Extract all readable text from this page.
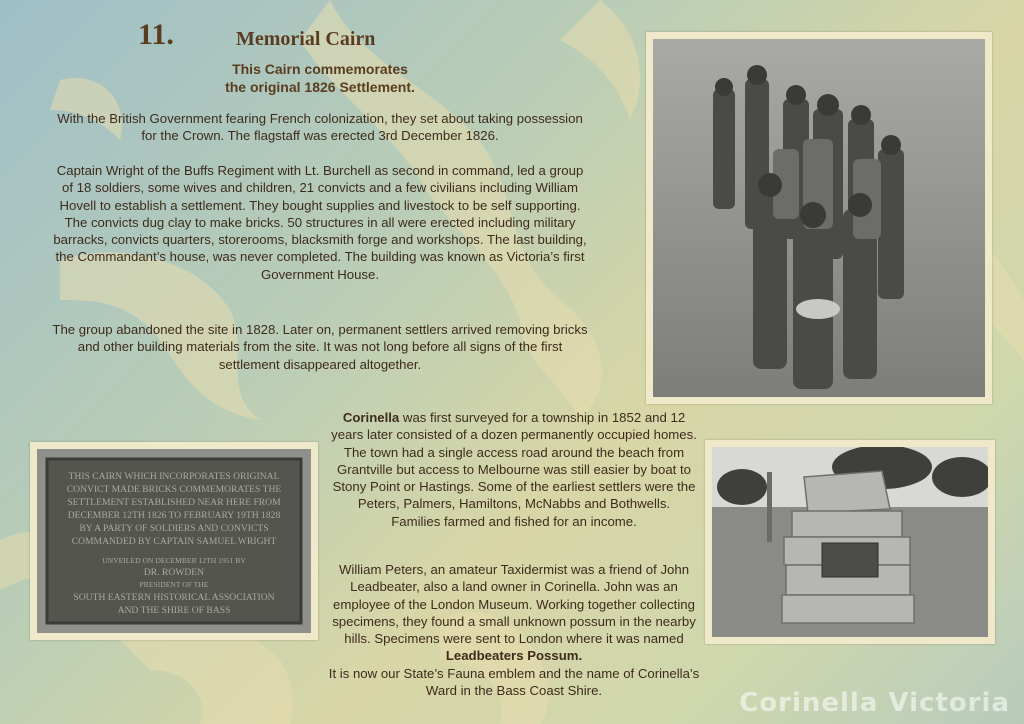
11.	Memorial Cairn
This Cairn commemorates
the original 1826 Settlement.
With the British Government fearing French colonization, they set about taking possession for the Crown. The flagstaff was erected 3rd December 1826.
Captain Wright of the Buffs Regiment with Lt. Burchell as second in command, led a group of 18 soldiers, some wives and children, 21 convicts and a few civilians including William Hovell to establish a settlement. They bought supplies and livestock to be self supporting. The convicts dug clay to make bricks. 50 structures in all were erected including military barracks, convicts quarters, storerooms, blacksmith forge and workshops. The last building, the Commandant’s house, was never completed. The building was known as Victoria’s first Government House.
The group abandoned the site in 1828. Later on, permanent settlers arrived removing bricks and other building materials from the site. It was not long before all signs of the first settlement disappeared altogether.
Corinella was first surveyed for a township in 1852 and 12 years later consisted of a dozen permanently occupied homes. The town had a single access road around the beach from Grantville but access to Melbourne was still easier by boat to Stony Point or Hastings. Some of the earliest settlers were the Peters, Palmers, Hamiltons, McNabbs and Bothwells.
Families farmed and fished for an income.
William Peters, an amateur Taxidermist was a friend of John Leadbeater, also a land owner in Corinella. John was an employee of the London Museum. Working together collecting specimens, they found a small unknown possum in the nearby hills. Specimens were sent to London where it was named Leadbeaters Possum.
It is now our State’s Fauna emblem and the name of Corinella’s Ward in the Bass Coast Shire.
THIS CAIRN WHICH INCORPORATES ORIGINAL
CONVICT MADE BRICKS COMMEMORATES THE
SETTLEMENT ESTABLISHED NEAR HERE FROM
DECEMBER 12TH 1826 TO FEBRUARY 19TH 1828
BY A PARTY OF SOLDIERS AND CONVICTS
COMMANDED BY CAPTAIN SAMUEL WRIGHT
UNVEILED ON DECEMBER 12TH 1951 BY
DR. ROWDEN
PRESIDENT OF THE
SOUTH EASTERN HISTORICAL ASSOCIATION
AND THE SHIRE OF BASS
Corinella Victoria
